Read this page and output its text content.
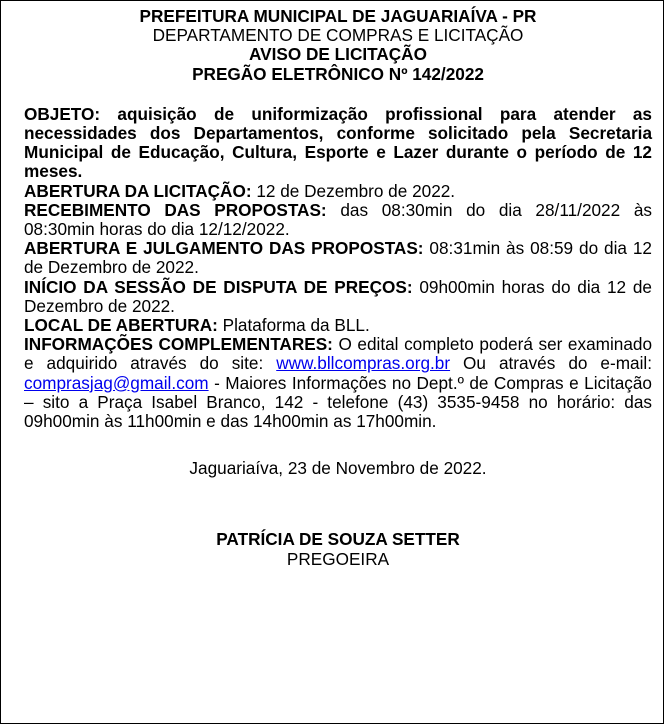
PREFEITURA MUNICIPAL DE JAGUARIAÍVA - PR
DEPARTAMENTO DE COMPRAS E LICITAÇÃO
AVISO DE LICITAÇÃO
PREGÃO ELETRÔNICO Nº 142/2022

OBJETO: aquisição de uniformização profissional para atender as necessidades dos Departamentos, conforme solicitado pela Secretaria Municipal de Educação, Cultura, Esporte e Lazer durante o período de 12 meses.

ABERTURA DA LICITAÇÃO: 12 de Dezembro de 2022.

RECEBIMENTO DAS PROPOSTAS: das 08:30min do dia 28/11/2022 às 08:30min horas do dia 12/12/2022.

ABERTURA E JULGAMENTO DAS PROPOSTAS: 08:31min às 08:59 do dia 12 de Dezembro de 2022.

INÍCIO DA SESSÃO DE DISPUTA DE PREÇOS: 09h00min horas do dia 12 de Dezembro de 2022.

LOCAL DE ABERTURA: Plataforma da BLL.

INFORMAÇÕES COMPLEMENTARES: O edital completo poderá ser examinado e adquirido através do site: www.bllcompras.org.br Ou através do e-mail: comprasjag@gmail.com - Maiores Informações no Dept.º de Compras e Licitação – sito a Praça Isabel Branco, 142 - telefone (43) 3535-9458 no horário: das 09h00min às 11h00min e das 14h00min as 17h00min.

Jaguariaíva, 23 de Novembro de 2022.
PATRÍCIA DE SOUZA SETTER
PREGOEIRA
